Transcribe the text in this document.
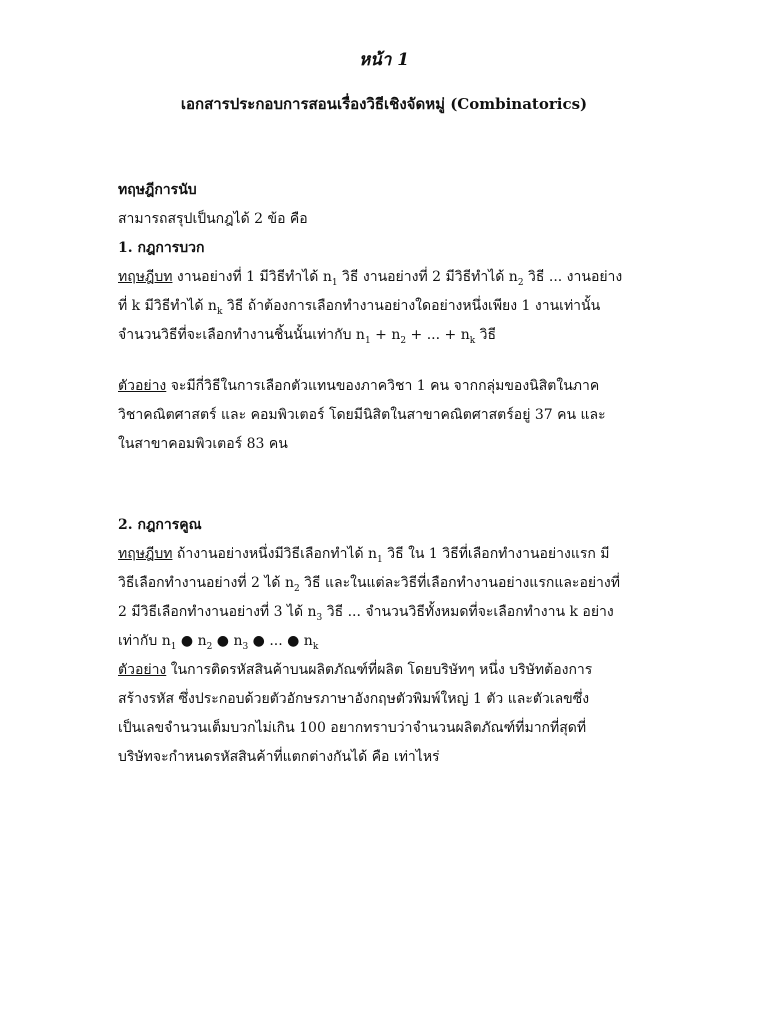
หน้า 1
เอกสารประกอบการสอนเรื่องวิธีเชิงจัดหมู่ (Combinatorics)
ทฤษฎีการนับ
สามารถสรุปเป็นกฎได้ 2 ข้อ คือ
1. กฎการบวก
ทฤษฎีบท งานอย่างที่ 1 มีวิธีทำได้ $n_1$ วิธี งานอย่างที่ 2 มีวิธีทำได้ $n_2$ วิธี ... งานอย่าง
ที่ k มีวิธีทำได้ $n_k$ วิธี ถ้าต้องการเลือกทำงานอย่างใดอย่างหนึ่งเพียง 1 งานเท่านั้น
จำนวนวิธีที่จะเลือกทำงานชิ้นนั้นเท่ากับ $n_1 + n_2$ + ... + $n_k$ วิธี
ตัวอย่าง จะมีกี่วิธีในการเลือกตัวแทนของภาควิชา 1 คน จากกลุ่มของนิสิตในภาค
วิชาคณิตศาสตร์ และ คอมพิวเตอร์ โดยมีนิสิตในสาขาคณิตศาสตร์อยู่ 37 คน และ
ในสาขาคอมพิวเตอร์ 83 คน
2. กฎการคูณ
ทฤษฎีบท ถ้างานอย่างหนึ่งมีวิธีเลือกทำได้ $n_1$ วิธี ใน 1 วิธีที่เลือกทำงานอย่างแรก มี
วิธีเลือกทำงานอย่างที่ 2 ได้ $n_2$ วิธี และในแต่ละวิธีที่เลือกทำงานอย่างแรกและอย่างที่
2 มีวิธีเลือกทำงานอย่างที่ 3 ได้ $n_3$ วิธี ... จำนวนวิธีทั้งหมดที่จะเลือกทำงาน k อย่าง
เท่ากับ $n_1$ ● $n_2$ ● $n_3$ ● ... ● $n_k$
ตัวอย่าง ในการติดรหัสสินค้าบนผลิตภัณฑ์ที่ผลิต โดยบริษัทๆ หนึ่ง บริษัทต้องการ
สร้างรหัส ซึ่งประกอบด้วยตัวอักษรภาษาอังกฤษตัวพิมพ์ใหญ่ 1 ตัว และตัวเลขซึ่ง
เป็นเลขจำนวนเต็มบวกไม่เกิน 100 อยากทราบว่าจำนวนผลิตภัณฑ์ที่มากที่สุดที่
บริษัทจะกำหนดรหัสสินค้าที่แตกต่างกันได้ คือ เท่าไหร่
